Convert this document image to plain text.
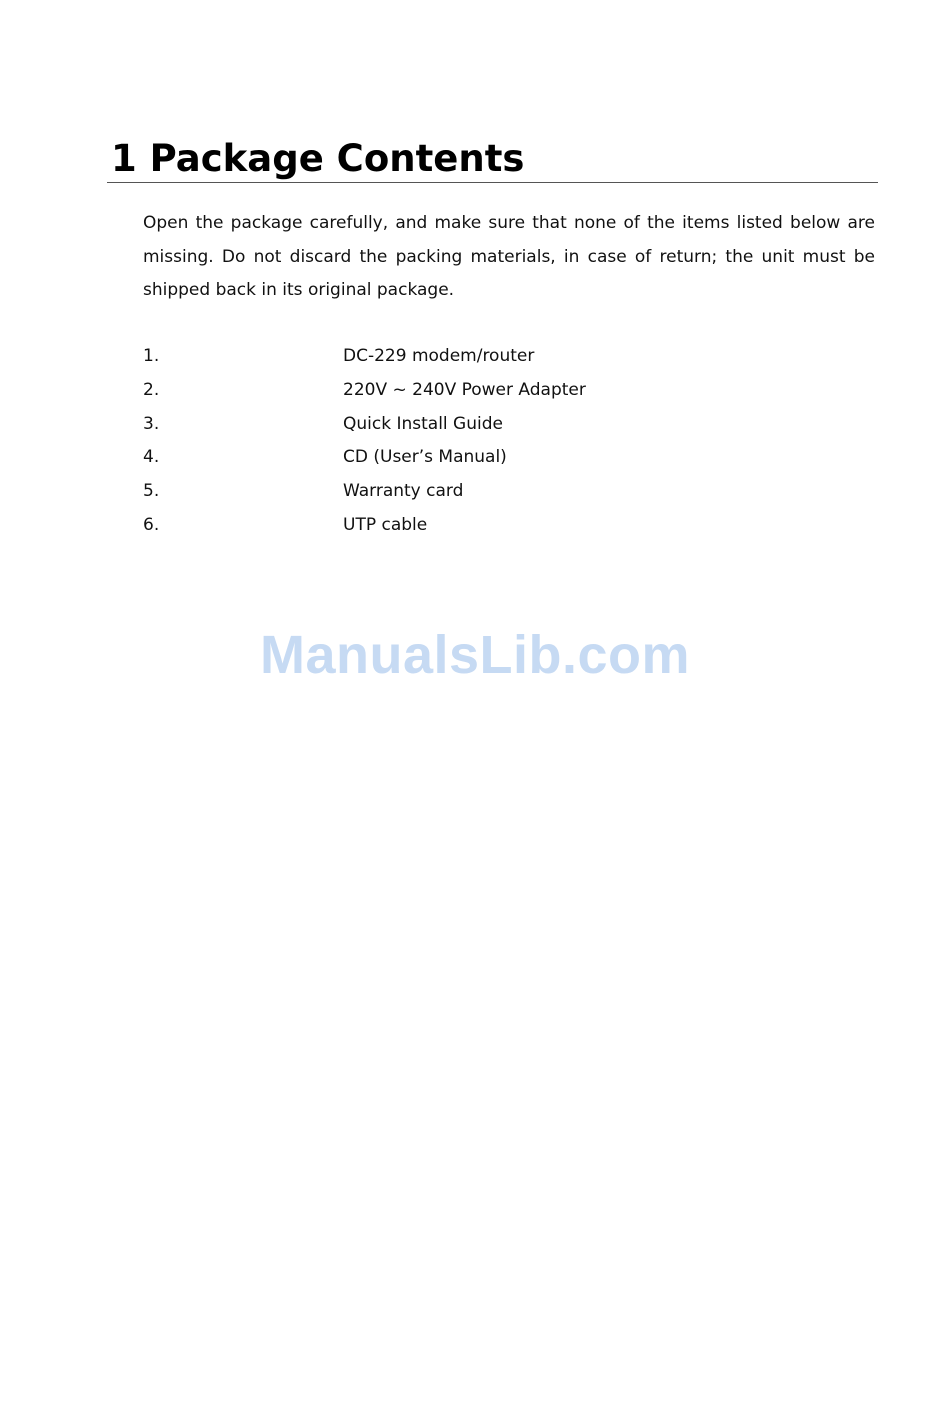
1 Package Contents

Open the package carefully, and make sure that none of the items listed below are missing. Do not discard the packing materials, in case of return; the unit must be shipped back in its original package.

1.	DC-229 modem/router
2.	220V ~ 240V Power Adapter
3.	Quick Install Guide
4.	CD (User’s Manual)
5.	Warranty card
6.	UTP cable
ManualsLib.com
